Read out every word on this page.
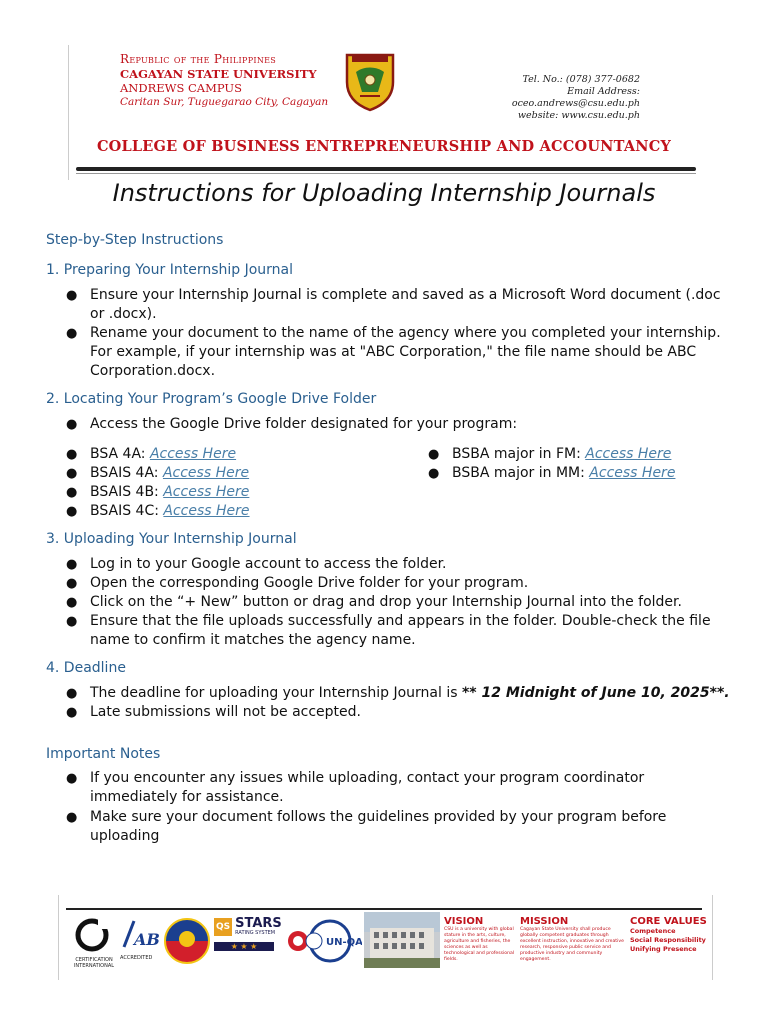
Republic of the Philippines
CAGAYAN STATE UNIVERSITY
ANDREWS CAMPUS
Caritan Sur, Tuguegarao City, Cagayan
Tel. No.: (078) 377-0682
Email Address: oceo.andrews@csu.edu.ph
website: www.csu.edu.ph
COLLEGE OF BUSINESS ENTREPRENEURSHIP AND ACCOUNTANCY
Instructions for Uploading Internship Journals
Step-by-Step Instructions
1. Preparing Your Internship Journal
● Ensure your Internship Journal is complete and saved as a Microsoft Word document (.doc or .docx).
● Rename your document to the name of the agency where you completed your internship. For example, if your internship was at "ABC Corporation," the file name should be ABC Corporation.docx.
2. Locating Your Program’s Google Drive Folder
● Access the Google Drive folder designated for your program:
● BSA 4A: Access Here
● BSAIS 4A: Access Here
● BSAIS 4B: Access Here
● BSAIS 4C: Access Here
● BSBA major in FM: Access Here
● BSBA major in MM: Access Here
3. Uploading Your Internship Journal
● Log in to your Google account to access the folder.
● Open the corresponding Google Drive folder for your program.
● Click on the “+ New” button or drag and drop your Internship Journal into the folder.
● Ensure that the file uploads successfully and appears in the folder. Double-check the file name to confirm it matches the agency name.
4. Deadline
● The deadline for uploading your Internship Journal is ** 12 Midnight of June 10, 2025**.
● Late submissions will not be accepted.
Important Notes
● If you encounter any issues while uploading, contact your program coordinator immediately for assistance.
● Make sure your document follows the guidelines provided by your program before uploading
CERTIFICATION INTERNATIONAL
AB
ACCREDITED
QS STARS
RATING SYSTEM
★ ★ ★	UN-QA
VISION
CSU is a university with global stature in the arts, culture, agriculture and fisheries, the sciences as well as technological and professional fields.
MISSION
Cagayan State University shall produce globally competent graduates through excellent instruction, innovative and creative research, responsive public service and productive industry and community engagement.
CORE VALUES
Competence
Social Responsibility
Unifying Presence
